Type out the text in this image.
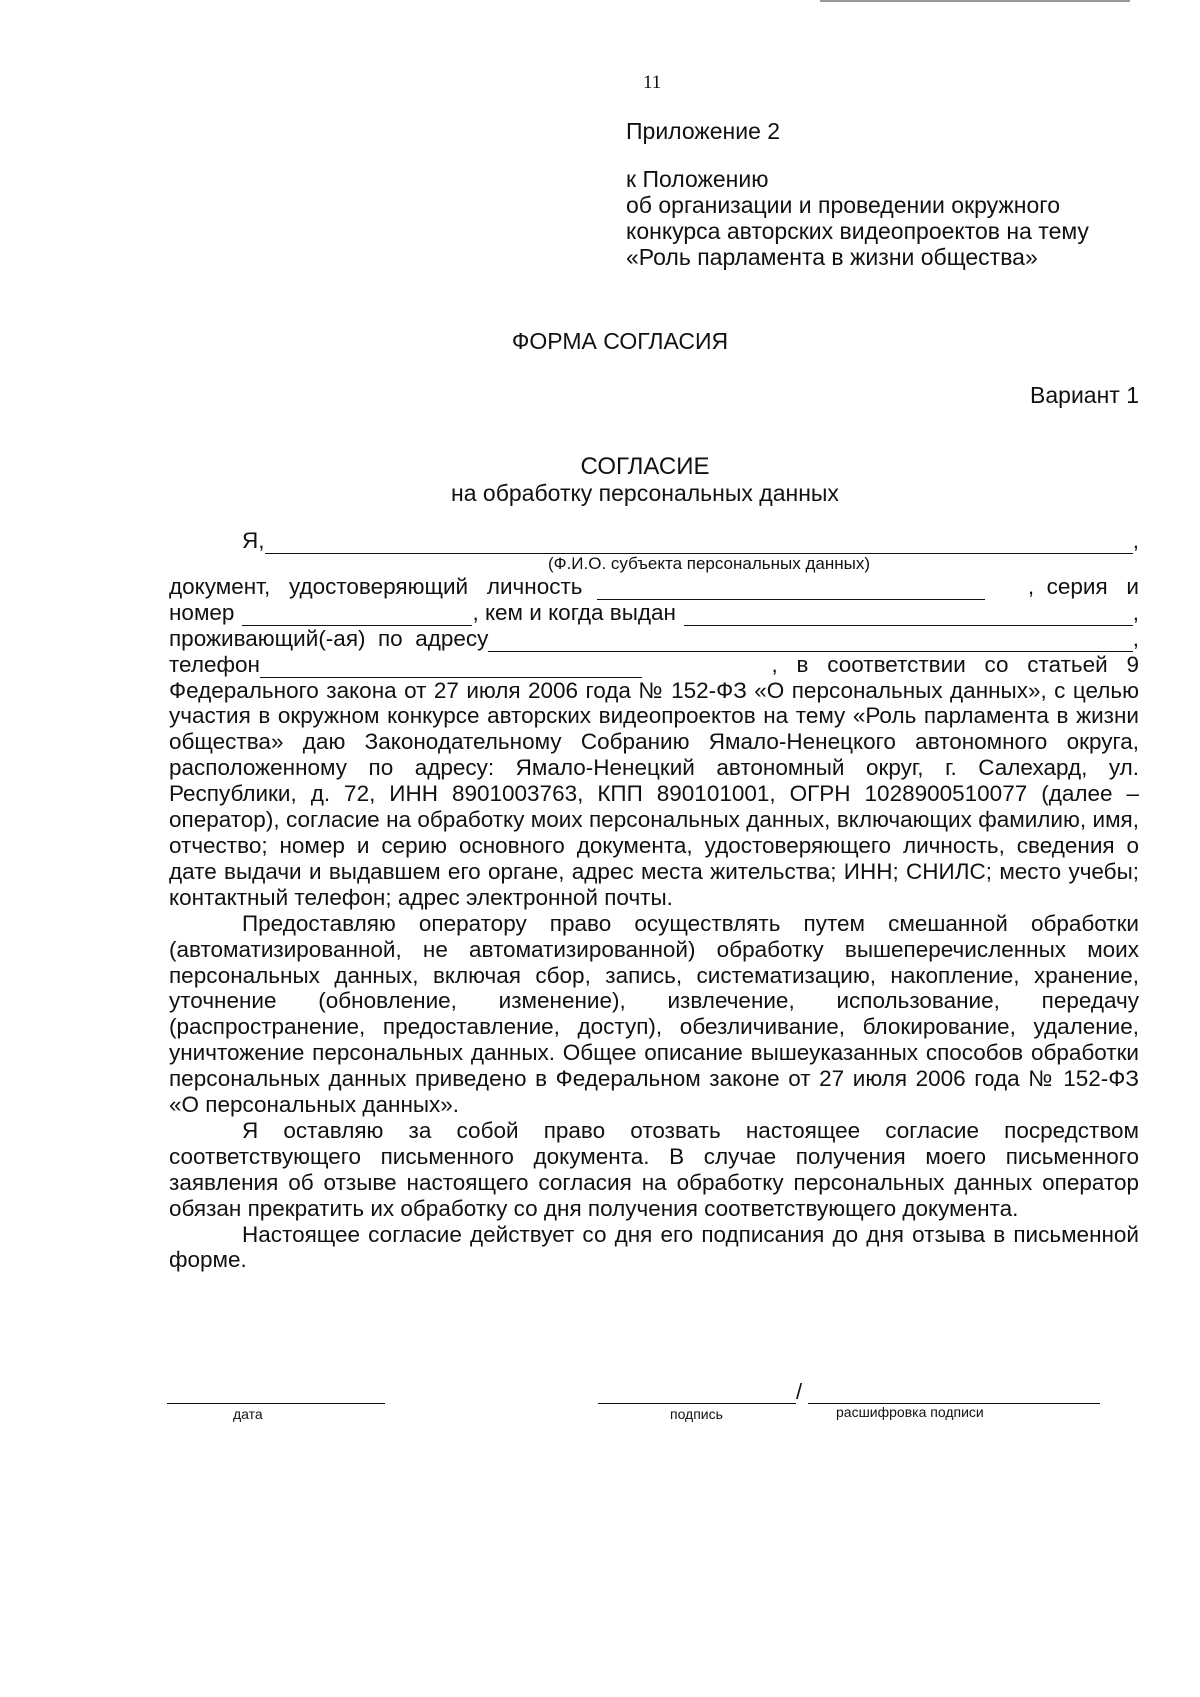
11
Приложение 2
к Положению
об организации и проведении окружного
конкурса авторских видеопроектов на тему
«Роль парламента в жизни общества»
ФОРМА СОГЛАСИЯ
Вариант 1
СОГЛАСИЕ
на обработку персональных данных
Я,	,
(Ф.И.О. субъекта персональных данных)
документ,   удостоверяющий   личность	,  серия   и
номер	, кем и когда выдан	,
проживающий(-ая)  по  адресу	,
телефон	,   в   соответствии   со   статьей   9
Федерального закона от 27 июля 2006 года № 152-ФЗ «О персональных данных», с целью участия в окружном конкурсе авторских видеопроектов на тему «Роль парламента в жизни общества» даю Законодательному Собранию Ямало-Ненецкого автономного округа, расположенному по адресу: Ямало-Ненецкий автономный округ, г. Салехард, ул. Республики, д. 72, ИНН 8901003763, КПП 890101001, ОГРН 1028900510077 (далее – оператор), согласие на обработку моих персональных данных, включающих фамилию, имя, отчество; номер и серию основного документа, удостоверяющего личность, сведения о дате выдачи и выдавшем его органе, адрес места жительства; ИНН; СНИЛС; место учебы; контактный телефон; адрес электронной почты.
Предоставляю оператору право осуществлять путем смешанной обработки (автоматизированной, не автоматизированной) обработку вышеперечисленных моих персональных данных, включая сбор, запись, систематизацию, накопление, хранение, уточнение (обновление, изменение), извлечение, использование, передачу (распространение, предоставление, доступ), обезличивание, блокирование, удаление, уничтожение персональных данных. Общее описание вышеуказанных способов обработки персональных данных приведено в Федеральном законе от 27 июля 2006 года № 152-ФЗ «О персональных данных».
Я оставляю за собой право отозвать настоящее согласие посредством соответствующего письменного документа. В случае получения моего письменного заявления об отзыве настоящего согласия на обработку персональных данных оператор обязан прекратить их обработку со дня получения соответствующего документа.
Настоящее согласие действует со дня его подписания до дня отзыва в письменной форме.
дата
/
подпись	расшифровка подписи
